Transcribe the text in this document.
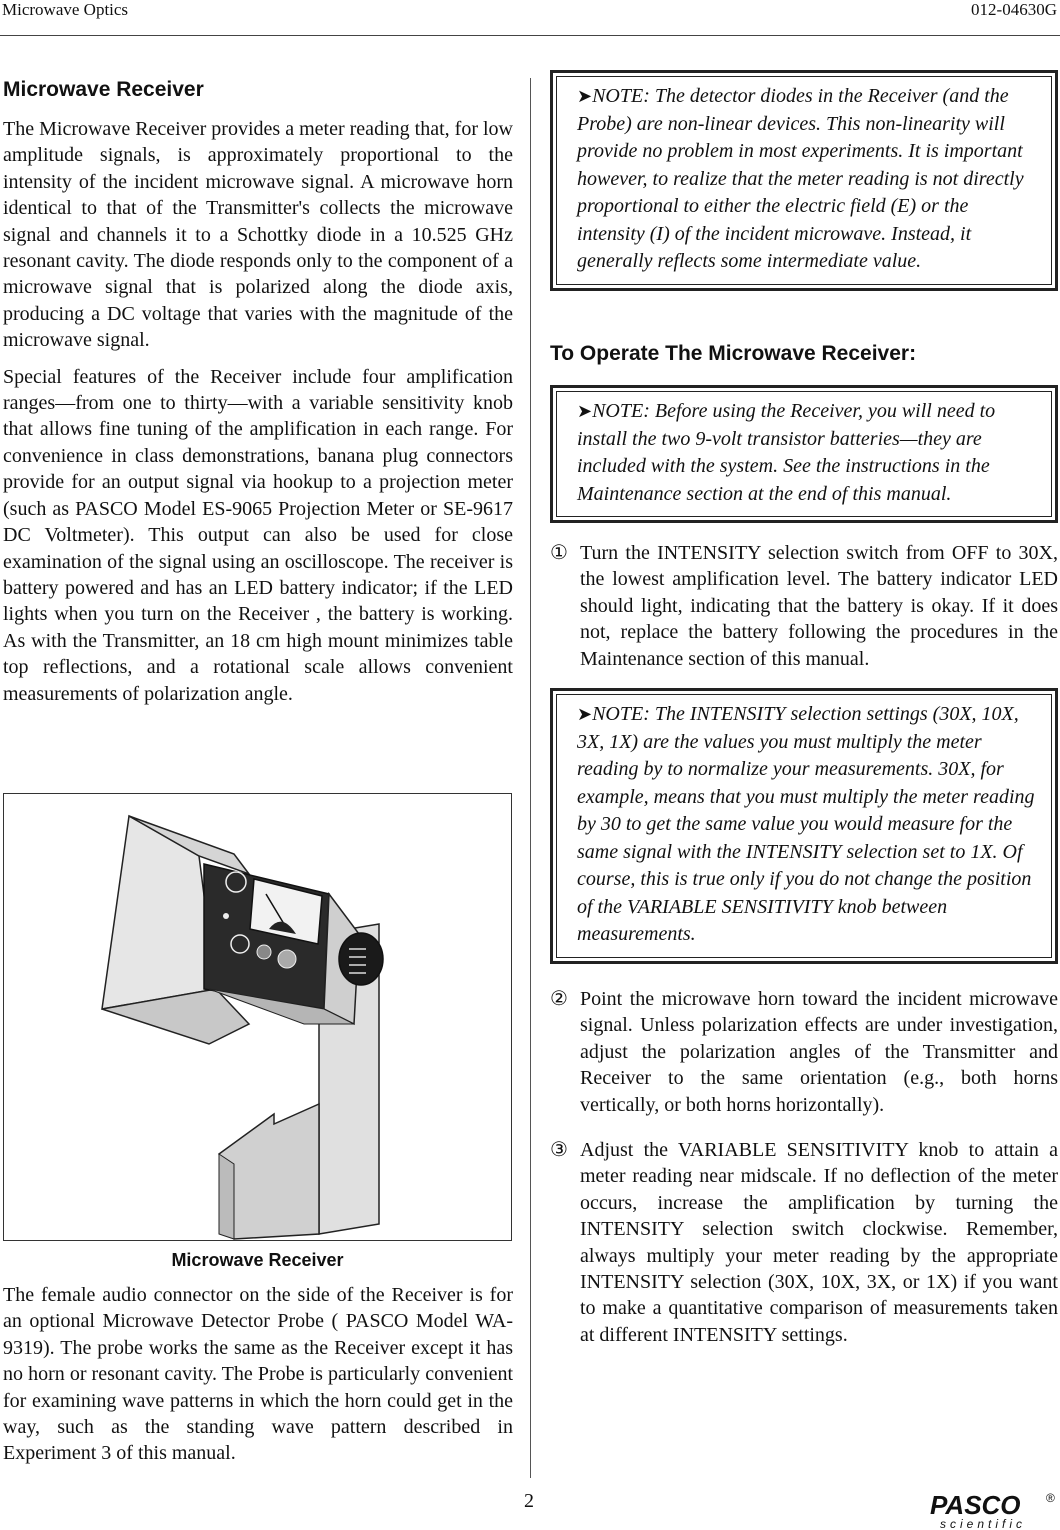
Microwave Optics	012-04630G
Microwave Receiver

The Microwave Receiver provides a meter reading that, for low amplitude signals, is approximately proportional to the intensity of the incident microwave signal. A microwave horn identical to that of the Transmitter's collects the microwave signal and channels it to a Schottky diode in a 10.525 GHz resonant cavity. The diode responds only to the component of a microwave signal that is polarized along the diode axis, producing a DC voltage that varies with the magnitude of the microwave signal.

Special features of the Receiver include four amplification ranges—from one to thirty—with a variable sensitivity knob that allows fine tuning of the amplification in each range. For convenience in class demonstrations, banana plug connectors provide for an output signal via hookup to a projection meter (such as PASCO Model ES-9065 Projection Meter or SE-9617 DC Voltmeter). This output can also be used for close examination of the signal using an oscilloscope. The receiver is battery powered and has an LED battery indicator; if the LED lights when you turn on the Receiver , the battery is working. As with the Transmitter, an 18 cm high mount minimizes table top reflections, and a rotational scale allows convenient measurements of polarization angle.

Microwave Receiver

The female audio connector on the side of the Receiver is for an optional Microwave Detector Probe ( PASCO Model WA-9319). The probe works the same as the Receiver except it has no horn or resonant cavity. The Probe is particularly convenient for examining wave patterns in which the horn could get in the way, such as the standing wave pattern described in Experiment 3 of this manual.

➤NOTE: The detector diodes in the Receiver (and the Probe) are non-linear devices. This non-linearity will provide no problem in most experiments. It is important however, to realize that the meter reading is not directly proportional to either the electric field (E) or the intensity (I) of the incident microwave. Instead, it generally reflects some intermediate value.
To Operate The Microwave Receiver:
➤NOTE: Before using the Receiver, you will need to install the two 9-volt transistor batteries—they are included with the system. See the instructions in the Maintenance section at the end of this manual.
① Turn the INTENSITY selection switch from OFF to 30X, the lowest amplification level. The battery indicator LED should light, indicating that the battery is okay. If it does not, replace the battery following the procedures in the Maintenance section of this manual.

➤NOTE: The INTENSITY selection settings (30X, 10X, 3X, 1X) are the values you must multiply the meter reading by to normalize your measurements. 30X, for example, means that you must multiply the meter reading by 30 to get the same value you would measure for the same signal with the INTENSITY selection set to 1X. Of course, this is true only if you do not change the position of the VARIABLE SENSITIVITY knob between measurements.
② Point the microwave horn toward the incident microwave signal. Unless polarization effects are under investigation, adjust the polarization angles of the Transmitter and Receiver to the same orientation (e.g., both horns vertically, or both horns horizontally).

③ Adjust the VARIABLE SENSITIVITY knob to attain a meter reading near midscale. If no deflection of the meter occurs, increase the amplification by turning the INTENSITY selection switch clockwise. Remember, always multiply your meter reading by the appropriate INTENSITY selection (30X, 10X, 3X, or 1X) if you want to make a quantitative comparison of measurements taken at different INTENSITY settings.

2	PASCO ®
scientific
